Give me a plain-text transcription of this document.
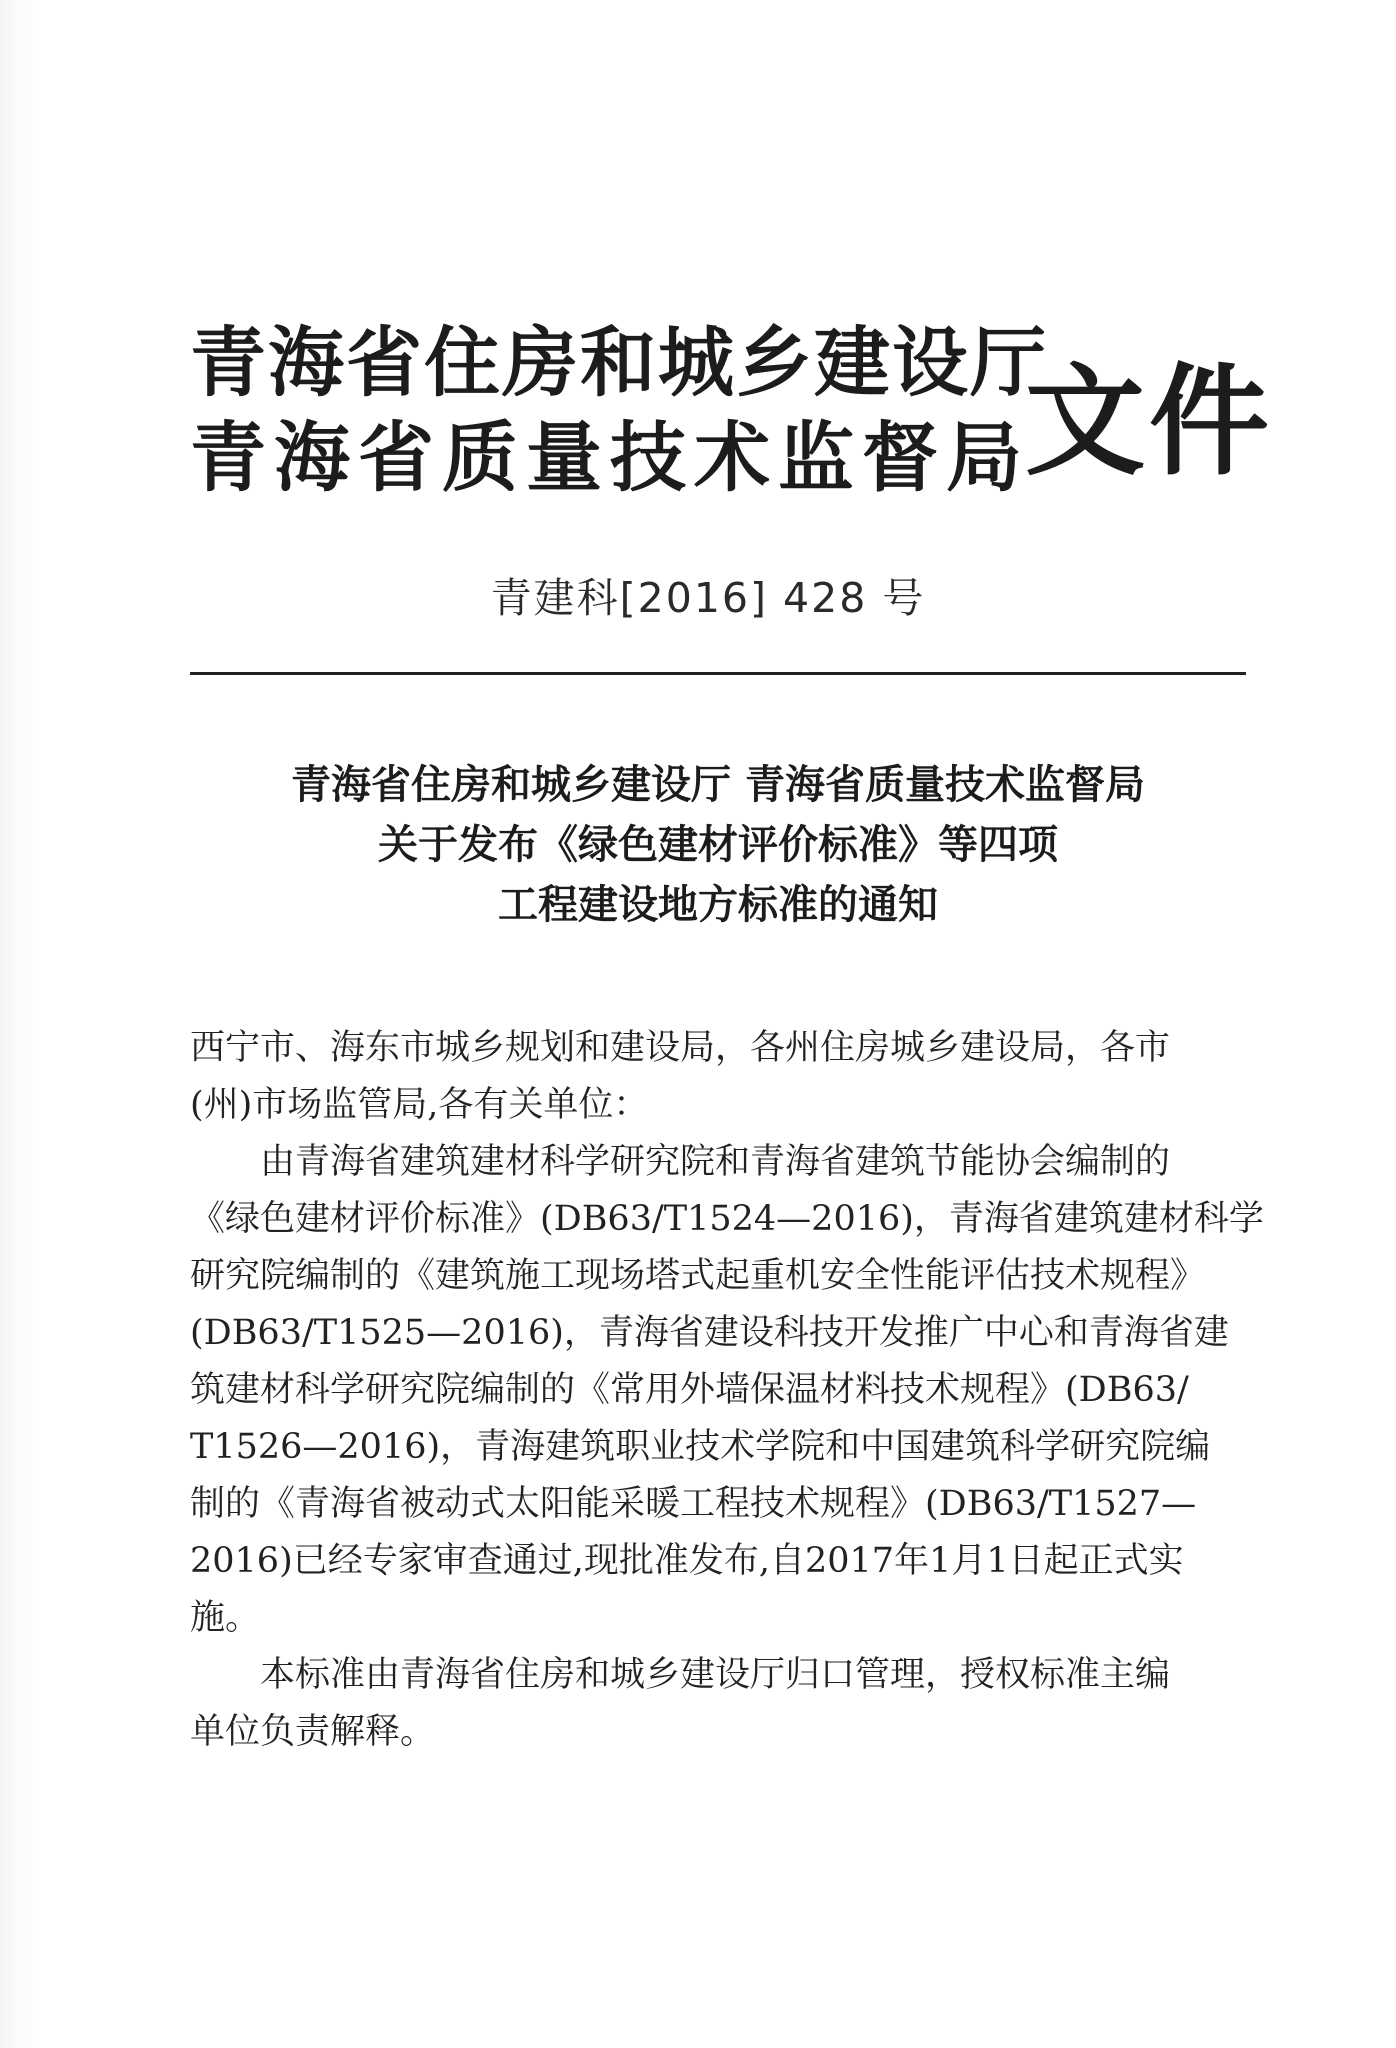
青海省住房和城乡建设厅
青海省质量技术监督局
文件
青建科[2016] 428 号
青海省住房和城乡建设厅 青海省质量技术监督局
关于发布《绿色建材评价标准》等四项
工程建设地方标准的通知
西宁市、海东市城乡规划和建设局，各州住房城乡建设局，各市
(州)市场监管局,各有关单位：
由青海省建筑建材科学研究院和青海省建筑节能协会编制的
《绿色建材评价标准》(DB63/T1524—2016)，青海省建筑建材科学
研究院编制的《建筑施工现场塔式起重机安全性能评估技术规程》
(DB63/T1525—2016)，青海省建设科技开发推广中心和青海省建
筑建材科学研究院编制的《常用外墙保温材料技术规程》(DB63/
T1526—2016)，青海建筑职业技术学院和中国建筑科学研究院编
制的《青海省被动式太阳能采暖工程技术规程》(DB63/T1527—
2016)已经专家审查通过,现批准发布,自2017年1月1日起正式实
施。
本标准由青海省住房和城乡建设厅归口管理，授权标准主编
单位负责解释。
